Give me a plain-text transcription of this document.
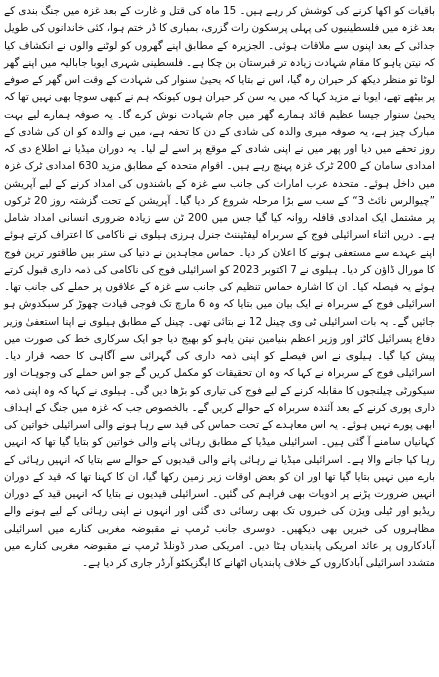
باقیات کو اکھا کرنے کی کوشش کر رہے ہیں۔ 15 ماہ کی قتل و غارت کے بعد غزہ میں جنگ بندی کے بعد غزہ میں فلسطینیوں کی پہلی پرسکون رات گزری، بمباری کا ڈر ختم ہوا، کئی خاندانوں کی طویل جدائی کے بعد اپنوں سے ملاقات ہوئی۔ الجزیرہ کے مطابق اپنے گھروں کو لوٹنے والوں نے انکشاف کیا کہ نیتن یاہو کا مقام شہادت زیادہ تر قبرستان بن چکا ہے۔ فلسطینی شہری ایوبا جابالیہ میں اپنے گھر لوٹا تو منظر دیکھ کر حیران رہ گیا، اس نے بتایا کہ یحییٰ سنوار کی شہادت کے وقت اس گھر کے صوفے پر بیٹھے تھے، ایوبا نے مزید کہا کہ میں یہ سن کر حیران ہوں کیونکہ ہم نے کبھی سوچا بھی نہیں تھا کہ یحییٰ سنوار جیسا عظیم قائد ہمارے گھر میں جام شہادت نوش کرے گا۔ یہ صوفہ ہمارے لیے بہت مبارک چیز ہے، یہ صوفہ میری والدہ کی شادی کے دن کا تحفہ ہے، میں نے والدہ کو ان کی شادی کے روز تحفے میں دیا اور پھر میں نے اپنی شادی کے موقع پر اسے لے لیا۔ یہ دوران میڈیا نے اطلاع دی کہ امدادی سامان کے 200 ٹرک غزہ پہنچ رہے ہیں۔ اقوام متحدہ کے مطابق مزید 630 امدادی ٹرک غزہ میں داخل ہوئے۔ متحدہ عرب امارات کی جانب سے غزہ کے باشندوں کی امداد کرنے کے لیے آپریشن ”چیوالرس نائٹ 3“ کے سب سے بڑا مرحلہ شروع کر دیا گیا۔ آپریشن کے تحت گزشتہ روز 20 ٹرکوں پر مشتمل ایک امدادی قافلہ روانہ کیا گیا جس میں 200 ٹن سے زیادہ ضروری انسانی امداد شامل ہے۔ دریں اثناء اسرائیلی فوج کے سربراہ لیفٹیننٹ جنرل ہرزی ہیلوی نے ناکامی کا اعتراف کرتے ہوئے اپنے عہدے سے مستعفی ہونے کا اعلان کر دیا۔ حماس مجاہدین نے دنیا کی ستر بیں طاقتور ترین فوج کا مورال ڈاؤن کر دیا۔ ہیلوی نے 7 اکتوبر 2023 کو اسرائیلی فوج کی ناکامی کی ذمہ داری قبول کرتے ہوئے یہ فیصلہ کیا۔ ان کا اشارہ حماس تنظیم کی جانب سے غزہ کے علاقوں پر حملے کی جانب تھا۔ اسرائیلی فوج کے سربراہ نے ایک بیان میں بتایا کہ وہ 6 مارچ تک فوجی قیادت چھوڑ کر سبکدوش ہو جائیں گے۔ یہ بات اسرائیلی ٹی وی چینل 12 نے بتائی تھی۔ چینل کے مطابق ہیلوی نے اپنا استعفیٰ وزیر دفاع یسرائیل کاٹز اور وزیر اعظم بنیامین نیتن یاہو کو بھیج دیا جو ایک سرکاری خط کی صورت میں پیش کیا گیا۔ ہیلوی نے اس فیصلے کو اپنی ذمہ داری کی گہرائی سے آگاہی کا حصہ قرار دیا۔ اسرائیلی فوج کے سربراہ نے کہا کہ وہ ان تحقیقات کو مکمل کریں گے جو اس حملے کی وجوہات اور سیکورٹی چیلنجوں کا مقابلہ کرنے کے لیے فوج کی تیاری کو بڑھا دیں گی۔ ہیلوی نے کہا کہ وہ اپنی ذمہ داری پوری کرنے کے بعد آئندہ سربراہ کے حوالے کریں گے۔ بالخصوص جب کہ غزہ میں جنگ کے اہداف ابھی پورے نہیں ہوئے۔ یہ اس معاہدے کے تحت حماس کی قید سے رہا ہونے والی اسرائیلی خواتین کی کہانیاں سامنے آ گئی ہیں۔ اسرائیلی میڈیا کے مطابق رہائی پانے والی خواتین کو بتایا گیا تھا کہ انہیں رہا کیا جانے والا ہے۔ اسرائیلی میڈیا نے رہائی پانے والی قیدیوں کے حوالے سے بتایا کہ انہیں رہائی کے بارے میں نہیں بتایا گیا تھا اور ان کو بعض اوقات زیر زمین رکھا گیا، ان کا کہنا تھا کہ قید کے دوران انہیں ضرورت پڑنے پر ادویات بھی فراہم کی گئیں۔ اسرائیلی قیدیوں نے بتایا کہ انہیں قید کے دوران ریڈیو اور ٹیلی ویژن کی خبروں تک بھی رسائی دی گئی اور انہوں نے اپنی رہائی کے لیے ہونے والے مظاہروں کی خبریں بھی دیکھیں۔ دوسری جانب ٹرمپ نے مقبوضہ مغربی کنارے میں اسرائیلی آبادکاروں پر عائد امریکی پابندیاں ہٹا دیں۔ امریکی صدر ڈونلڈ ٹرمپ نے مقبوضہ مغربی کنارے میں متشدد اسرائیلی آبادکاروں کے خلاف پابندیاں اٹھانے کا ایگزیکٹو آرڈر جاری کر دیا ہے۔
